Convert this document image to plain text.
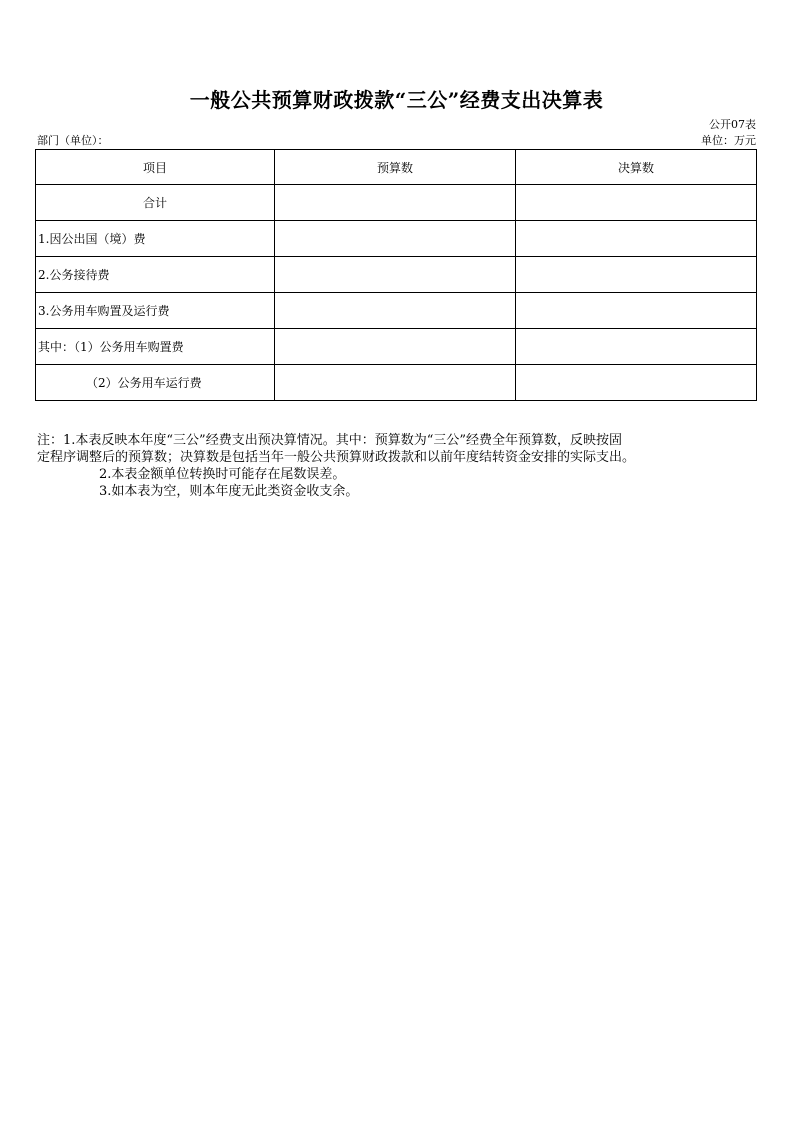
一般公共预算财政拨款“三公”经费支出决算表
公开07表
部门（单位）：	单位：万元
项目	预算数	决算数
合计		
1.因公出国（境）费		
2.公务接待费		
3.公务用车购置及运行费		
其中：（1）公务用车购置费		
（2）公务用车运行费		
注：1.本表反映本年度“三公”经费支出预决算情况。其中：预算数为“三公”经费全年预算数，反映按固
定程序调整后的预算数；决算数是包括当年一般公共预算财政拨款和以前年度结转资金安排的实际支出。
2.本表金额单位转换时可能存在尾数误差。
3.如本表为空，则本年度无此类资金收支余。
